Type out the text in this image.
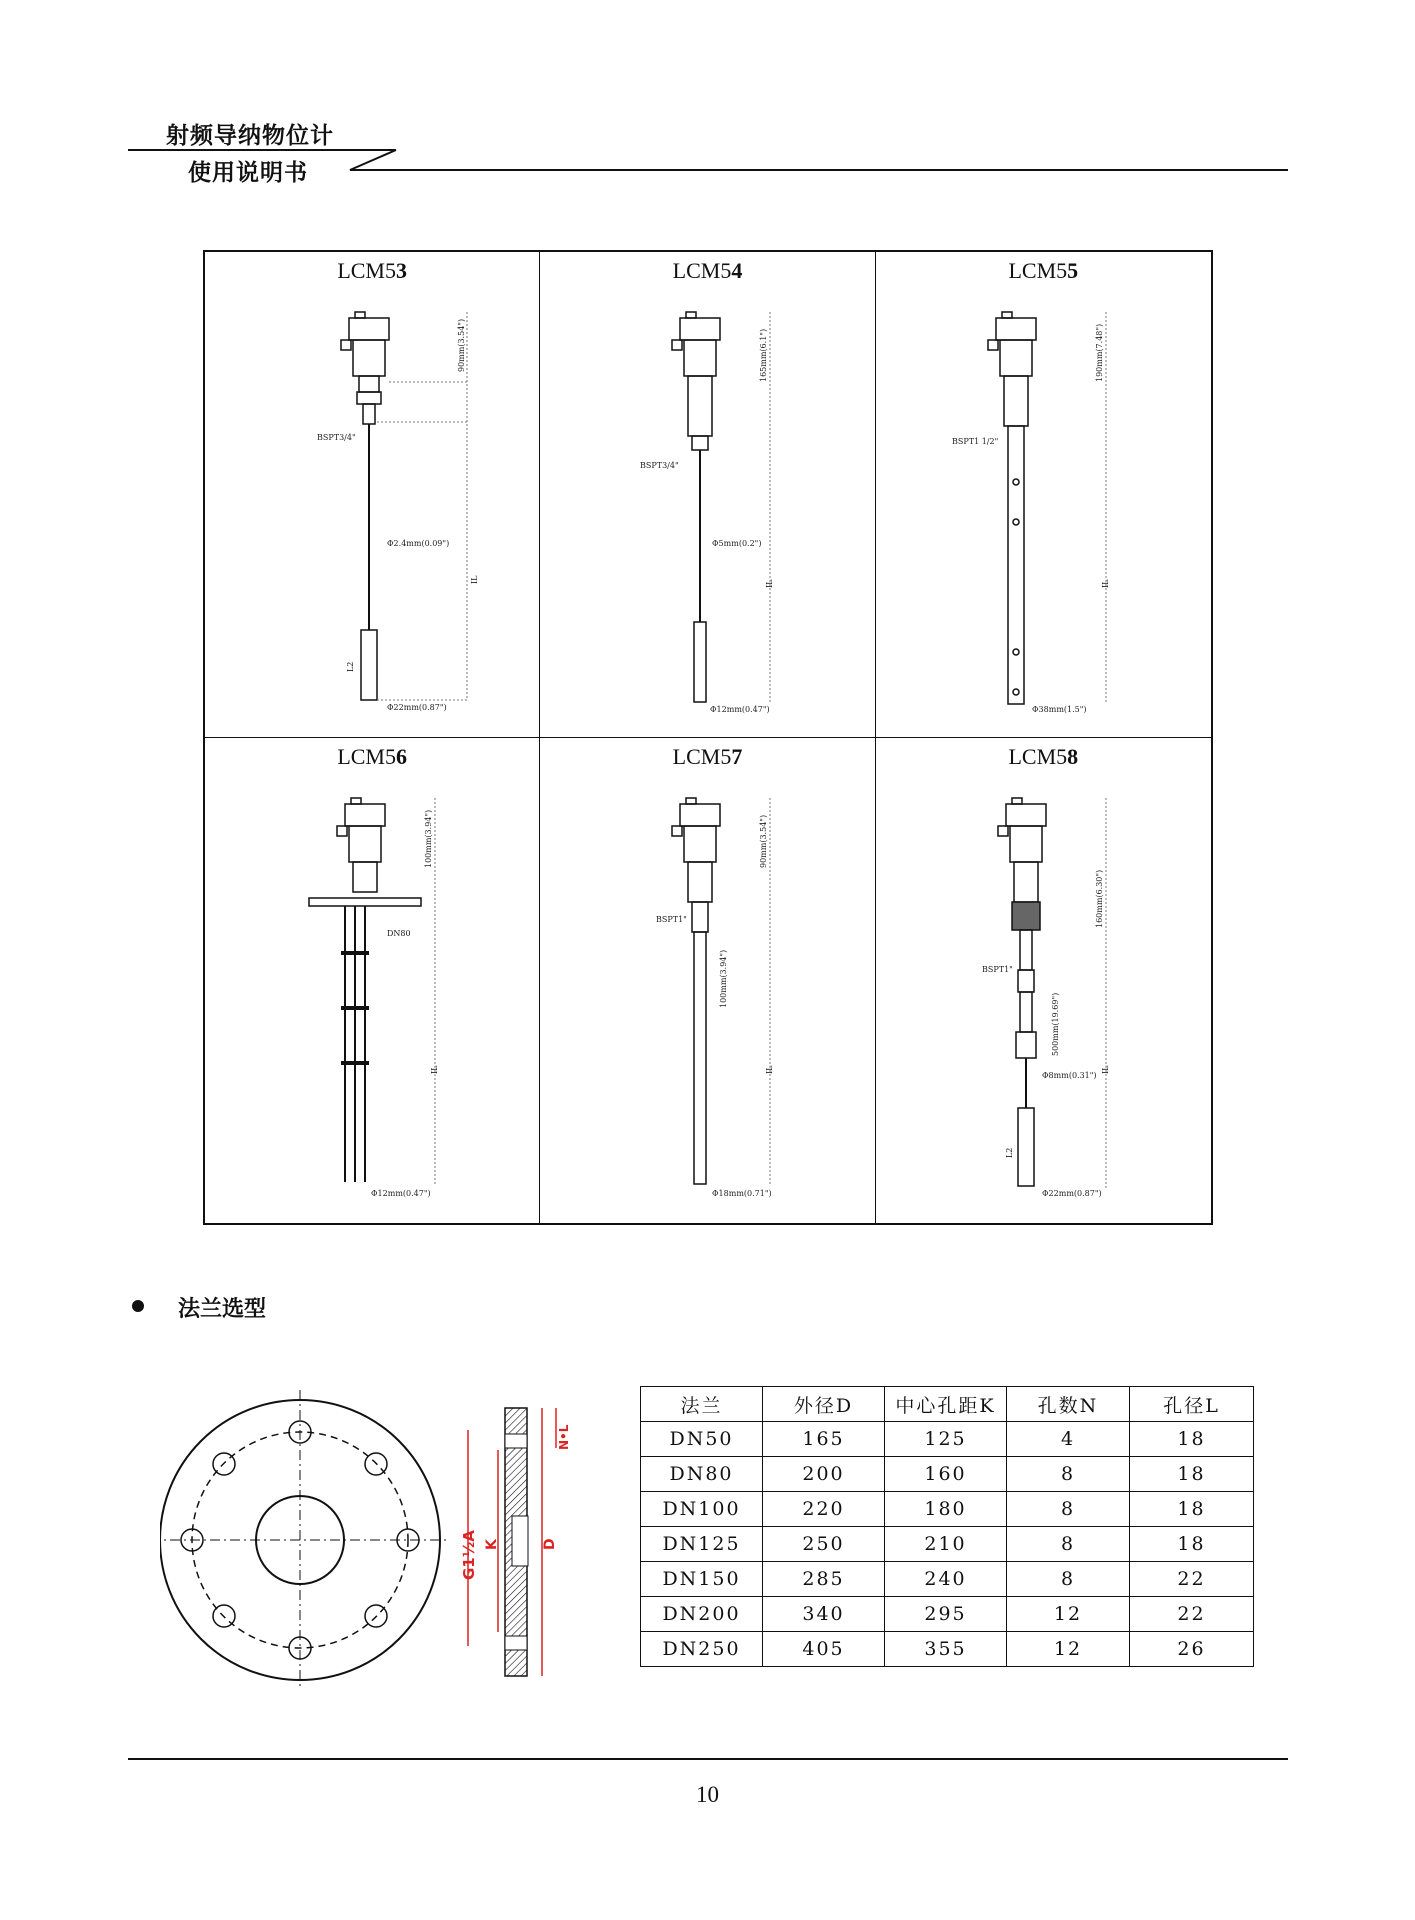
射频导纳物位计
使用说明书
LCM53
90mm(3.54")
BSPT3/4"
Φ2.4mm(0.09")
IL
L2
Φ22mm(0.87")
LCM54
165mm(6.1")
BSPT3/4"
Φ5mm(0.2")
IL
Φ12mm(0.47")
LCM55
190mm(7.48")
BSPT1 1/2"
IL
Φ38mm(1.5")
LCM56
100mm(3.94")
DN80
IL
Φ12mm(0.47")
LCM57
90mm(3.54")
BSPT1"
100mm(3.94")
IL
Φ18mm(0.71")
LCM58
160mm(6.30")
BSPT1"
500mm(19.69")
IL
Φ8mm(0.31")
L2
Φ22mm(0.87")
法兰选型
G1½A K	D
N•L
法兰	外径D	中心孔距K	孔数N	孔径L
DN50	165	125	4	18
DN80	200	160	8	18
DN100	220	180	8	18
DN125	250	210	8	18
DN150	285	240	8	22
DN200	340	295	12	22
DN250	405	355	12	26
10
